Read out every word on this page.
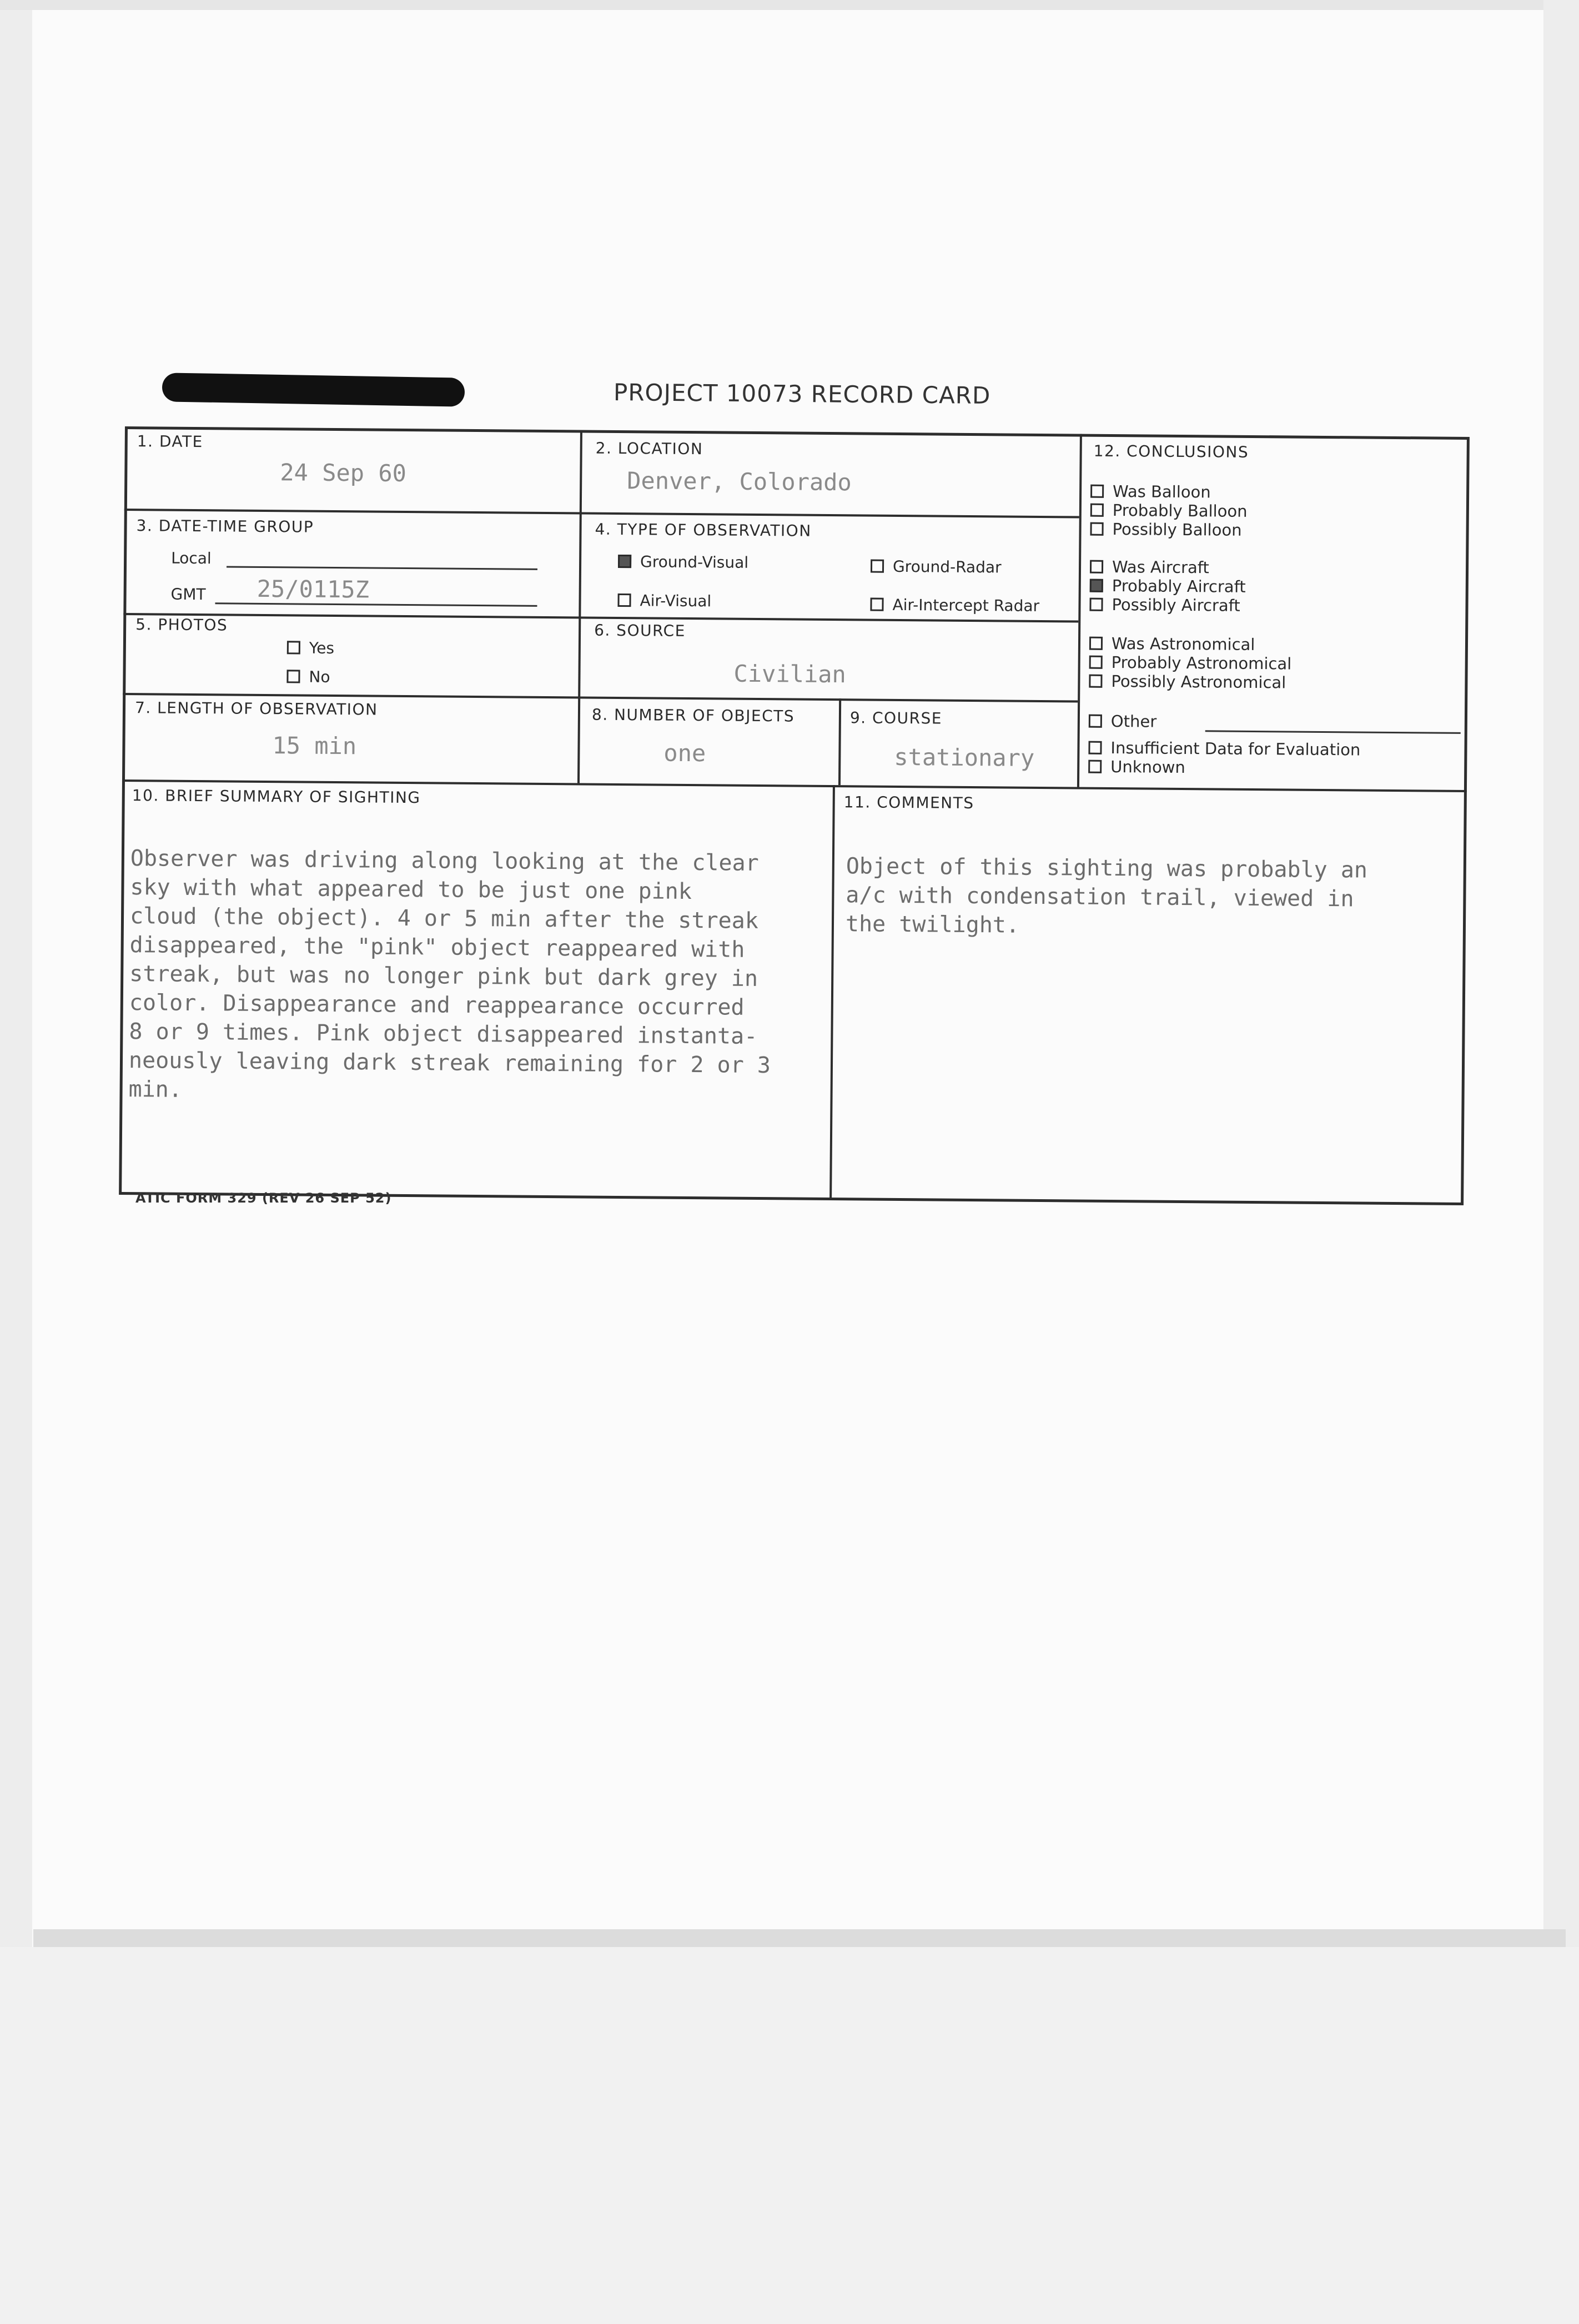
PROJECT 10073 RECORD CARD
1. DATE
24 Sep 60
2. LOCATION
Denver, Colorado
3. DATE-TIME GROUP
Local
GMT 25/0115Z
4. TYPE OF OBSERVATION
Ground-Visual	Ground-Radar
Air-Visual	Air-Intercept Radar
5. PHOTOS
Yes
No
6. SOURCE
Civilian
7. LENGTH OF OBSERVATION
15 min
8. NUMBER OF OBJECTS
one
9. COURSE
stationary
12. CONCLUSIONS
Was Balloon
Probably Balloon
Possibly Balloon
Was Aircraft
Probably Aircraft
Possibly Aircraft
Was Astronomical
Probably Astronomical
Possibly Astronomical
Other
Insufficient Data for Evaluation
Unknown
10. BRIEF SUMMARY OF SIGHTING

Observer was driving along looking at the clear
sky with what appeared to be just one pink
cloud (the object). 4 or 5 min after the streak
disappeared, the "pink" object reappeared with
streak, but was no longer pink but dark grey in
color. Disappearance and reappearance occurred
8 or 9 times. Pink object disappeared instanta-
neously leaving dark streak remaining for 2 or 3
min.
11. COMMENTS

Object of this sighting was probably an
a/c with condensation trail, viewed in
the twilight.
ATIC FORM 329 (REV 26 SEP 52)
